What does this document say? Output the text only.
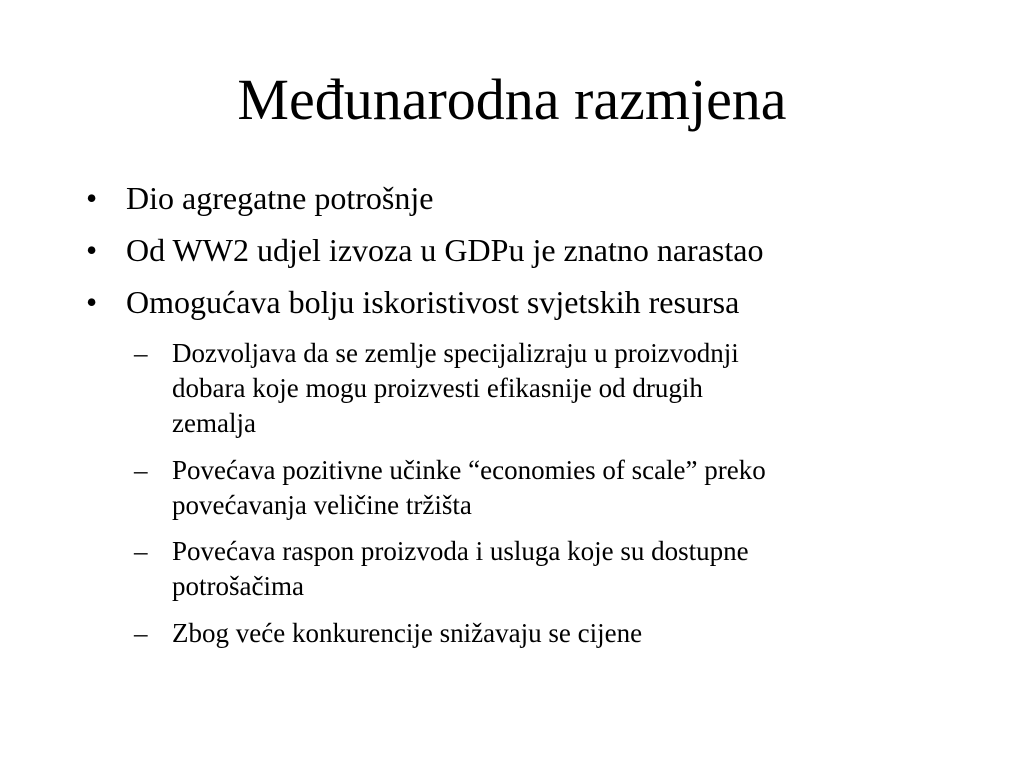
Međunarodna razmjena
• Dio agregatne potrošnje
• Od WW2 udjel izvoza u GDPu je znatno narastao
• Omogućava bolju iskoristivost svjetskih resursa
– Dozvoljava da se zemlje specijalizraju u proizvodnji
dobara koje mogu proizvesti efikasnije od drugih
zemalja
– Povećava pozitivne učinke “economies of scale” preko
povećavanja veličine tržišta
– Povećava raspon proizvoda i usluga koje su dostupne
potrošačima
– Zbog veće konkurencije snižavaju se cijene
